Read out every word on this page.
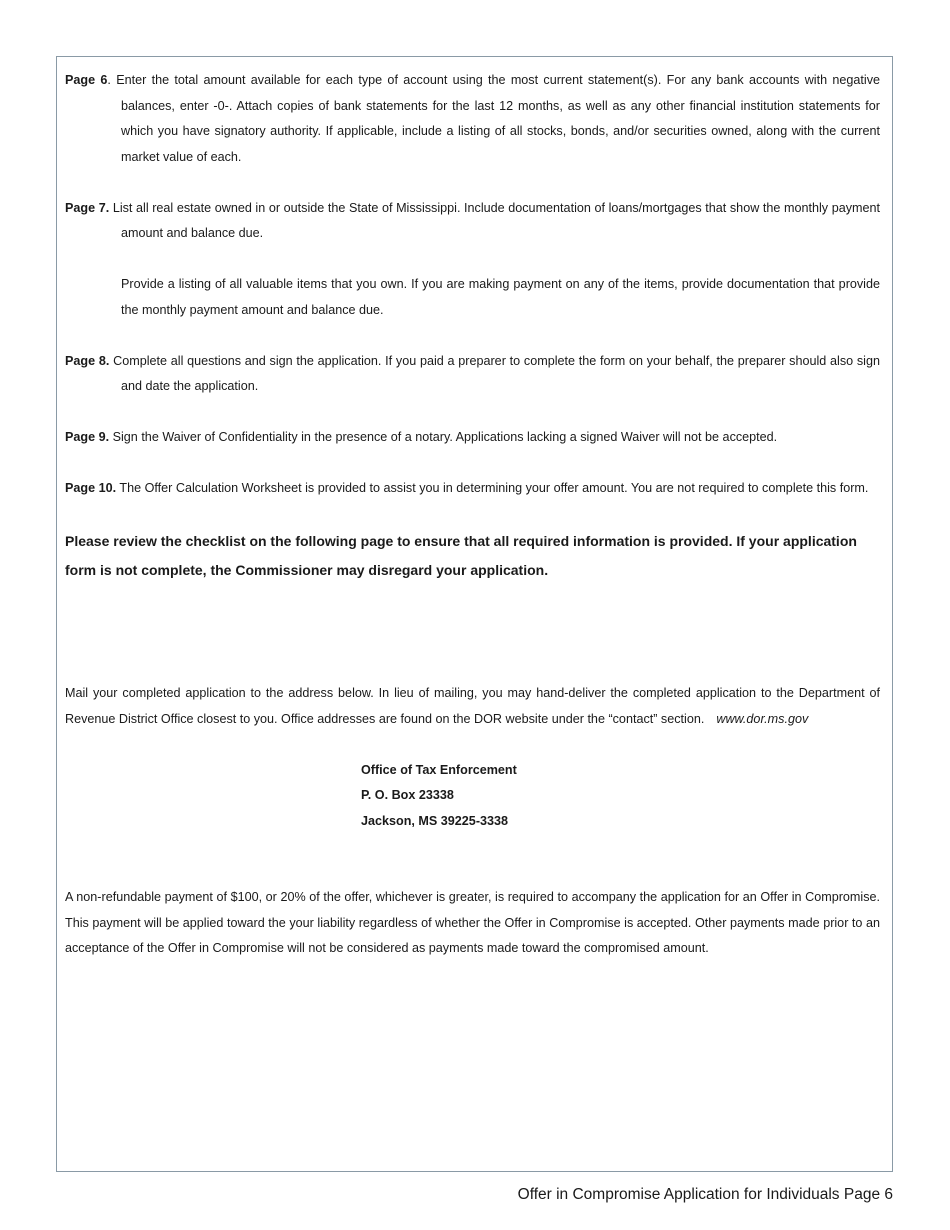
Page 6. Enter the total amount available for each type of account using the most current statement(s). For any bank accounts with negative balances, enter -0-. Attach copies of bank statements for the last 12 months, as well as any other financial institution statements for which you have signatory authority. If applicable, include a listing of all stocks, bonds, and/or securities owned, along with the current market value of each.

Page 7. List all real estate owned in or outside the State of Mississippi. Include documentation of loans/mortgages that show the monthly payment amount and balance due.

Provide a listing of all valuable items that you own. If you are making payment on any of the items, provide documentation that provide the monthly payment amount and balance due.

Page 8. Complete all questions and sign the application. If you paid a preparer to complete the form on your behalf, the preparer should also sign and date the application.

Page 9. Sign the Waiver of Confidentiality in the presence of a notary. Applications lacking a signed Waiver will not be accepted.

Page 10. The Offer Calculation Worksheet is provided to assist you in determining your offer amount. You are not required to complete this form.

Please review the checklist on the following page to ensure that all required information is provided. If your application form is not complete, the Commissioner may disregard your application.

Mail your completed application to the address below. In lieu of mailing, you may hand-deliver the completed application to the Department of Revenue District Office closest to you. Office addresses are found on the DOR website under the “contact” section. www.dor.ms.gov

Office of Tax Enforcement
P. O. Box 23338
Jackson, MS 39225-3338

A non-refundable payment of $100, or 20% of the offer, whichever is greater, is required to accompany the application for an Offer in Compromise. This payment will be applied toward the your liability regardless of whether the Offer in Compromise is accepted. Other payments made prior to an acceptance of the Offer in Compromise will not be considered as payments made toward the compromised amount.

Offer in Compromise Application for Individuals Page 6
